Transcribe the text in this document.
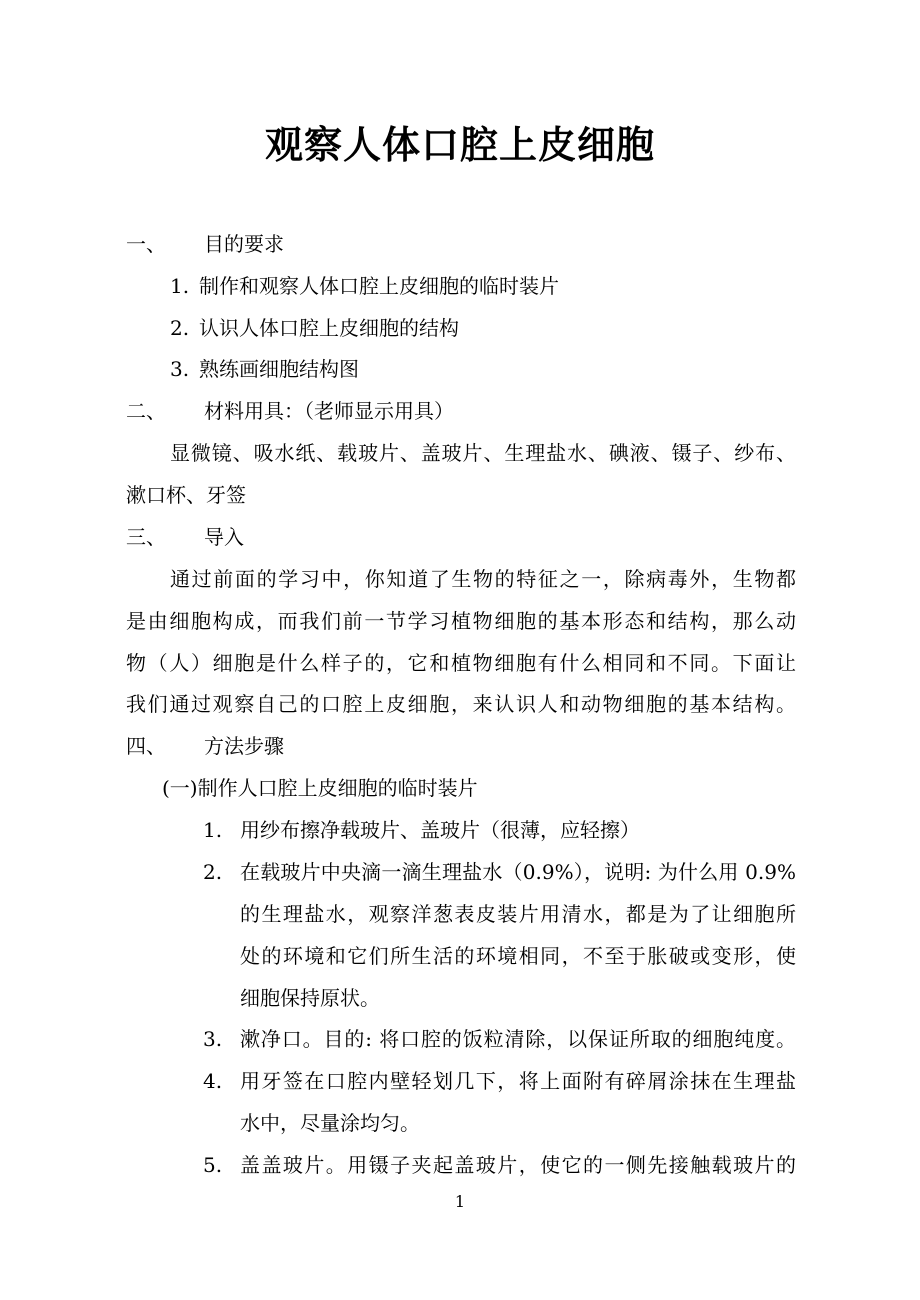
观察人体口腔上皮细胞
一、 目的要求
1. 制作和观察人体口腔上皮细胞的临时装片
2. 认识人体口腔上皮细胞的结构
3. 熟练画细胞结构图
二、 材料用具：（老师显示用具）
显微镜、吸水纸、载玻片、盖玻片、生理盐水、碘液、镊子、纱布、
漱口杯、牙签
三、 导入
通过前面的学习中，你知道了生物的特征之一，除病毒外，生物都
是由细胞构成，而我们前一节学习植物细胞的基本形态和结构，那么动
物（人）细胞是什么样子的，它和植物细胞有什么相同和不同。下面让
我们通过观察自己的口腔上皮细胞，来认识人和动物细胞的基本结构。
四、 方法步骤
(一)制作人口腔上皮细胞的临时装片
1. 用纱布擦净载玻片、盖玻片（很薄，应轻擦）
2. 在载玻片中央滴一滴生理盐水（0.9%），说明: 为什么用 0.9%
的生理盐水，观察洋葱表皮装片用清水，都是为了让细胞所
处的环境和它们所生活的环境相同，不至于胀破或变形，使
细胞保持原状。
3. 漱净口。目的: 将口腔的饭粒清除，以保证所取的细胞纯度。
4. 用牙签在口腔内壁轻划几下，将上面附有碎屑涂抹在生理盐
水中，尽量涂均匀。
5. 盖盖玻片。用镊子夹起盖玻片，使它的一侧先接触载玻片的
1
